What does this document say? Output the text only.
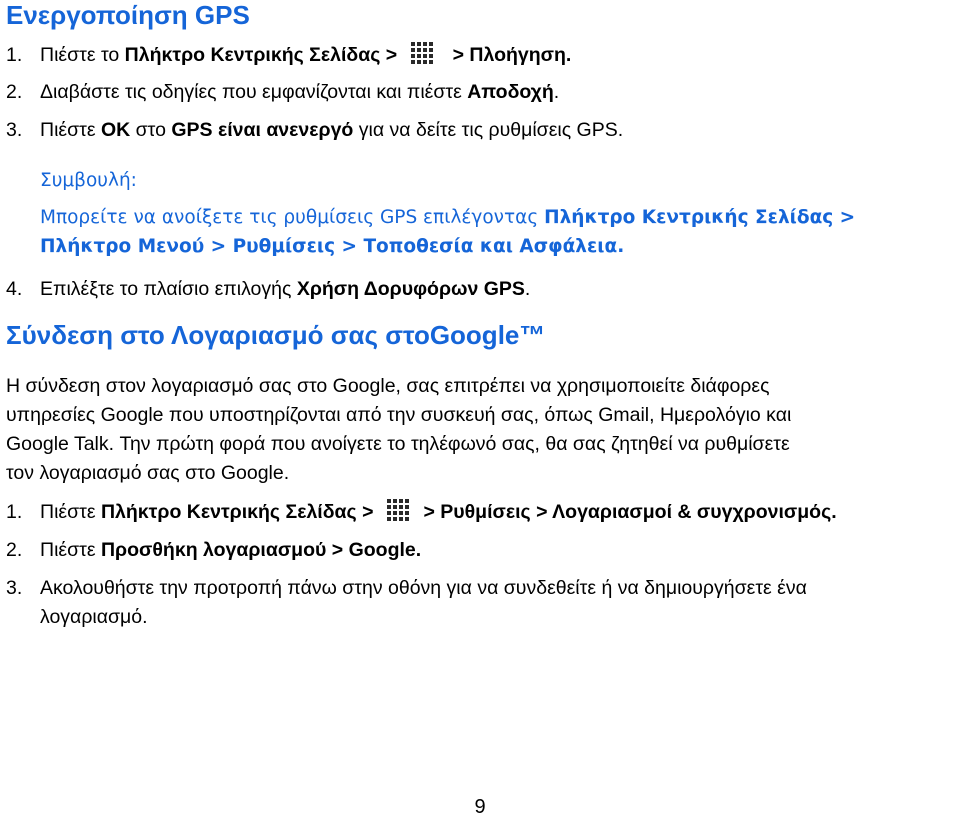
Ενεργοποίηση GPS
1. Πιέστε το Πλήκτρο Κεντρικής Σελίδας >	> Πλοήγηση.
2. Διαβάστε τις οδηγίες που εμφανίζονται και πιέστε Αποδοχή.
3. Πιέστε OK στο GPS είναι ανενεργό για να δείτε τις ρυθμίσεις GPS.
Συμβουλή:
Μπορείτε να ανοίξετε τις ρυθμίσεις GPS επιλέγοντας Πλήκτρο Κεντρικής Σελίδας >
Πλήκτρο Μενού > Ρυθμίσεις > Τοποθεσία και Ασφάλεια.
4. Επιλέξτε το πλαίσιο επιλογής Χρήση Δορυφόρων GPS.
Σύνδεση στο Λογαριασμό σας στοGoogle™
Η σύνδεση στον λογαριασμό σας στο Google, σας επιτρέπει να χρησιμοποιείτε διάφορες
υπηρεσίες Google που υποστηρίζονται από την συσκευή σας, όπως Gmail, Ημερολόγιο και
Google Talk. Την πρώτη φορά που ανοίγετε το τηλέφωνό σας, θα σας ζητηθεί να ρυθμίσετε
τον λογαριασμό σας στο Google.
1. Πιέστε Πλήκτρο Κεντρικής Σελίδας >	> Ρυθμίσεις > Λογαριασμοί & συγχρονισμός.
2. Πιέστε Προσθήκη λογαριασμού > Google.
3. Ακολουθήστε την προτροπή πάνω στην οθόνη για να συνδεθείτε ή να δημιουργήσετε ένα
λογαριασμό.
9
